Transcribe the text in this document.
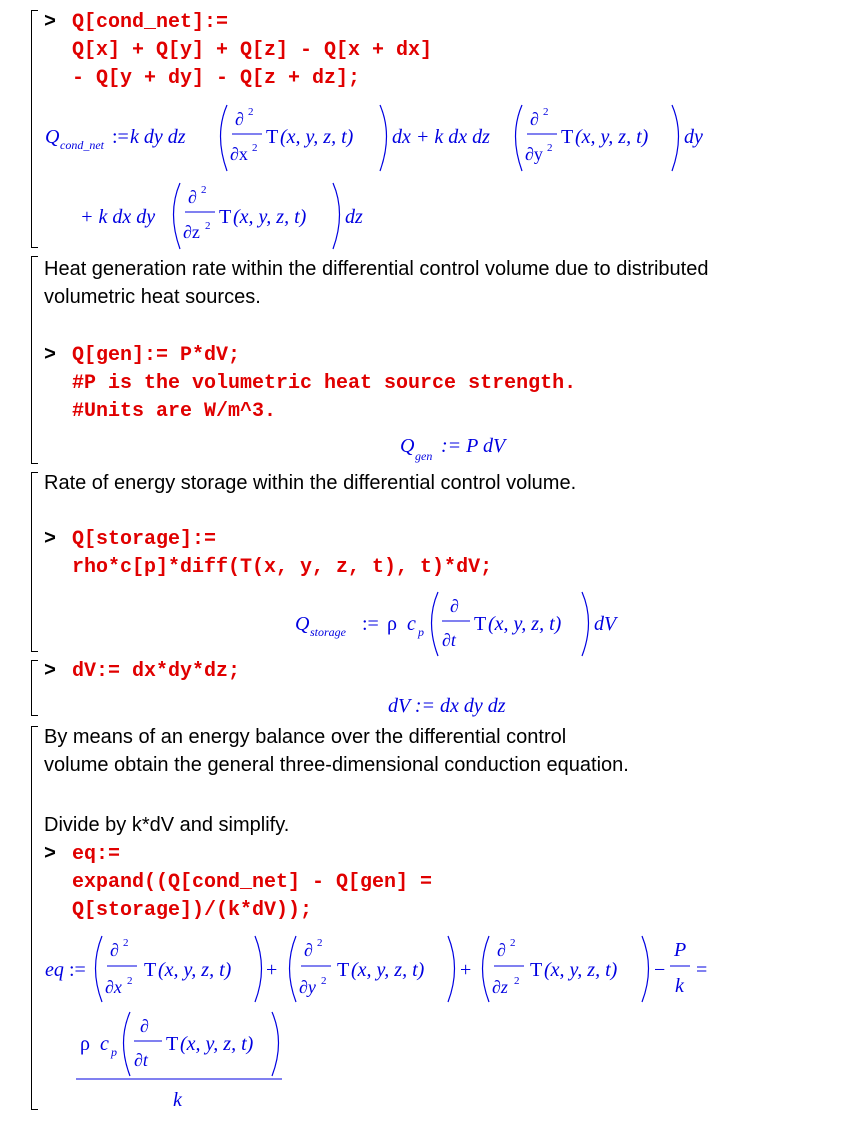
> Q[cond_net]:=
Q[x] + Q[y] + Q[z] - Q[x + dx]
- Q[y + dy] - Q[z + dz];
Q cond_net := k dy dz
∂ 2
∂x 2 T (x, y, z, t) dx + k dx dz
∂ 2
∂y 2 T (x, y, z, t) dy
+ k dx dy
∂ 2
∂z 2 T (x, y, z, t) dz
Heat generation rate within the differential control volume due to distributed
volumetric heat sources.
> Q[gen]:= P*dV;
#P is the volumetric heat source strength.
#Units are W/m^3.
Q gen := P dV
Rate of energy storage within the differential control volume.
> Q[storage]:=
rho*c[p]*diff(T(x, y, z, t), t)*dV;
Q storage := ρ c p
∂
∂t
T (x, y, z, t) dV
> dV:= dx*dy*dz;
dV := dx dy dz
By means of an energy balance over the differential control
volume obtain the general three-dimensional conduction equation.
Divide by k*dV and simplify.
> eq:=
expand((Q[cond_net] - Q[gen] =
Q[storage])/(k*dV));
eq :=
∂ 2
∂x 2 T (x, y, z, t) +
∂ 2
∂y 2 T (x, y, z, t) +
∂ 2
∂z 2 T (x, y, z, t) −
P
k
=
ρ c p
∂
∂t
T (x, y, z, t)
k
